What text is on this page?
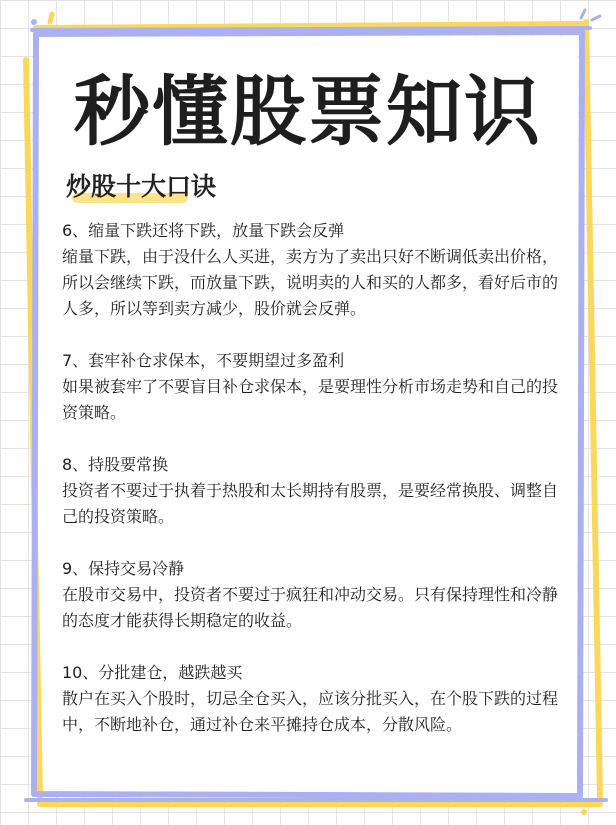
秒懂股票知识
炒股十大口诀

6、缩量下跌还将下跌，放量下跌会反弹

缩量下跌，由于没什么人买进，卖方为了卖出只好不断调低卖出价格，所以会继续下跌，而放量下跌，说明卖的人和买的人都多，看好后市的人多，所以等到卖方减少，股价就会反弹。

7、套牢补仓求保本，不要期望过多盈利

如果被套牢了不要盲目补仓求保本，是要理性分析市场走势和自己的投资策略。

8、持股要常换

投资者不要过于执着于热股和太长期持有股票，是要经常换股、调整自己的投资策略。

9、保持交易冷静

在股市交易中，投资者不要过于疯狂和冲动交易。只有保持理性和冷静的态度才能获得长期稳定的收益。

10、分批建仓，越跌越买

散户在买入个股时，切忌全仓买入，应该分批买入，在个股下跌的过程中，不断地补仓，通过补仓来平摊持仓成本，分散风险。
